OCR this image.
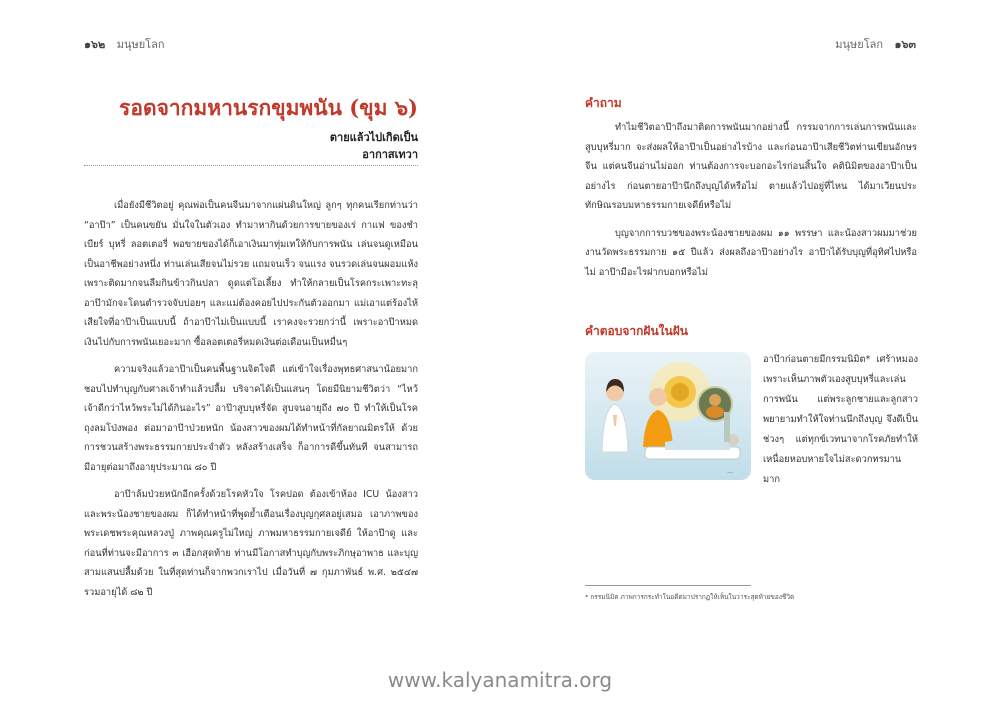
๑๖๒ มนุษยโลก	มนุษยโลก ๑๖๓
รอดจากมหานรกขุมพนัน (ขุม ๖)
ตายแล้วไปเกิดเป็น
อากาสเทวา

เมื่อยังมีชีวิตอยู่ คุณพ่อเป็นคนจีนมาจากแผ่นดินใหญ่ ลูกๆ ทุกคนเรียกท่านว่า “อาป๊า” เป็นคนขยัน มั่นใจในตัวเอง ทำมาหากินด้วยการขายของเร่ กาแฟ ของชำ เบียร์ บุหรี่ ลอตเตอรี่ พอขายของได้ก็เอาเงินมาทุ่มเทให้กับการพนัน เล่นจนดูเหมือนเป็นอาชีพอย่างหนึ่ง ท่านเล่นเสียจนไม่รวย แถมจนเร็ว จนแรง จนรวดเล่นจนผอมแห้ง เพราะติดมากจนลืมกินข้าวกินปลา ดูดแต่โอเลี้ยง ทำให้กลายเป็นโรคกระเพาะทะลุ อาป๊ามักจะโดนตำรวจจับบ่อยๆ และแม่ต้องคอยไปประกันตัวออกมา แม่เอาแต่ร้องไห้ เสียใจที่อาป๊าเป็นแบบนี้ ถ้าอาป๊าไม่เป็นแบบนี้ เราคงจะรวยกว่านี้ เพราะอาป๊าหมดเงินไปกับการพนันเยอะมาก ซื้อลอตเตอรี่หมดเงินต่อเดือนเป็นหมื่นๆ

ความจริงแล้วอาป๊าเป็นคนพื้นฐานจิตใจดี แต่เข้าใจเรื่องพุทธศาสนาน้อยมาก ชอบไปทำบุญกับศาลเจ้าทำแล้วปลื้ม บริจาคได้เป็นแสนๆ โดยมีนิยามชีวิตว่า “ไหว้เจ้าดีกว่าไหว้พระไม่ได้กินอะไร” อาป๊าสูบบุหรี่จัด สูบจนอายุถึง ๗๐ ปี ทำให้เป็นโรคถุงลมโป่งพอง ต่อมาอาป๊าป่วยหนัก น้องสาวของผมได้ทำหน้าที่กัลยาณมิตรให้ ด้วยการชวนสร้างพระธรรมกายประจำตัว หลังสร้างเสร็จ ก็อาการดีขึ้นทันที จนสามารถมีอายุต่อมาถึงอายุประมาณ ๘๐ ปี

อาป๊าล้มป่วยหนักอีกครั้งด้วยโรคหัวใจ โรคปอด ต้องเข้าห้อง ICU น้องสาวและพระน้องชายของผม ก็ได้ทำหน้าที่พูดย้ำเตือนเรื่องบุญกุศลอยู่เสมอ เอาภาพของพระเดชพระคุณหลวงปู่ ภาพคุณครูไม่ใหญ่ ภาพมหาธรรมกายเจดีย์ ให้อาป๊าดู และก่อนที่ท่านจะมีอาการ ๓ เฮือกสุดท้าย ท่านมีโอกาสทำบุญกับพระภิกษุอาพาธ และบุญสามแสนปลื้มด้วย ในที่สุดท่านก็จากพวกเราไป เมื่อวันที่ ๗ กุมภาพันธ์ พ.ศ. ๒๕๔๗ รวมอายุได้ ๘๒ ปี

คำถาม

ทำไมชีวิตอาป๊าถึงมาติดการพนันมากอย่างนี้ กรรมจากการเล่นการพนันและสูบบุหรี่มาก จะส่งผลให้อาป๊าเป็นอย่างไรบ้าง และก่อนอาป๊าเสียชีวิตท่านเขียนอักษรจีน แต่คนจีนอ่านไม่ออก ท่านต้องการจะบอกอะไรก่อนสิ้นใจ คตินิมิตของอาป๊าเป็นอย่างไร ก่อนตายอาป๊านึกถึงบุญได้หรือไม่ ตายแล้วไปอยู่ที่ไหน ได้มาเวียนประทักษิณรอบมหาธรรมกายเจดีย์หรือไม่

บุญจากการบวชของพระน้องชายของผม ๑๑ พรรษา และน้องสาวผมมาช่วยงานวัดพระธรรมกาย ๑๕ ปีแล้ว ส่งผลถึงอาป๊าอย่างไร อาป๊าได้รับบุญที่อุทิศไปหรือไม่ อาป๊ามีอะไรฝากบอกหรือไม่

คำตอบจากฝันในฝัน
—
อาป๊าก่อนตายมีกรรมนิมิต* เศร้าหมอง เพราะเห็นภาพตัวเองสูบบุหรี่และเล่นการพนัน แต่พระลูกชายและลูกสาวพยายามทำให้ใจท่านนึกถึงบุญ จึงดีเป็นช่วงๆ แต่ทุกข์เวทนาจากโรคภัยทำให้เหนื่อยหอบหายใจไม่สะดวกทรมานมาก
* กรรมนิมิต ภาพการกระทำในอดีตมาปรากฏให้เห็นในวาระสุดท้ายของชีวิต
www.kalyanamitra.org
